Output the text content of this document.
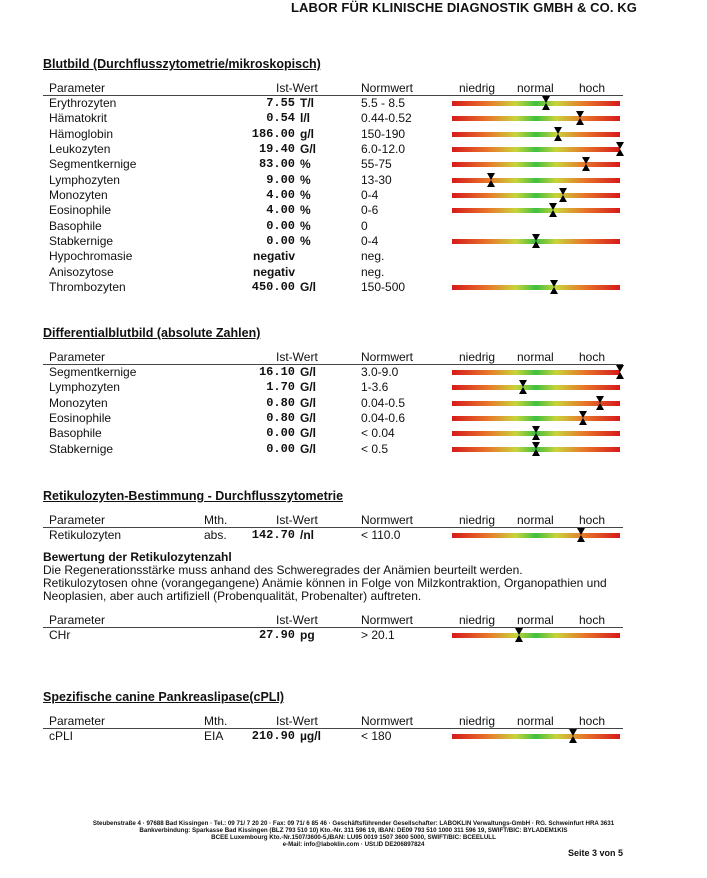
LABOR FÜR KLINISCHE DIAGNOSTIK GMBH & CO. KG
Blutbild (Durchflusszytometrie/mikroskopisch)
Parameter	Ist-Wert	Normwert	niedrig normal hoch
Erythrozyten	7.55 T/l	5.5 - 8.5
Hämatokrit	0.54 l/l	0.44-0.52
Hämoglobin	186.00 g/l	150-190
Leukozyten	19.40 G/l	6.0-12.0
Segmentkernige	83.00 %	55-75
Lymphozyten	9.00 %	13-30
Monozyten	4.00 %	0-4
Eosinophile	4.00 %	0-6
Basophile	0.00 %	0
Stabkernige	0.00 %	0-4
Hypochromasie	negativ	neg.
Anisozytose	negativ	neg.
Thrombozyten	450.00 G/l	150-500
Differentialblutbild (absolute Zahlen)
Parameter	Ist-Wert	Normwert	niedrig normal hoch
Segmentkernige	16.10 G/l	3.0-9.0
Lymphozyten	1.70 G/l	1-3.6
Monozyten	0.80 G/l	0.04-0.5
Eosinophile	0.80 G/l	0.04-0.6
Basophile	0.00 G/l	< 0.04
Stabkernige	0.00 G/l	< 0.5
Retikulozyten-Bestimmung - Durchflusszytometrie
Parameter	Mth.	Ist-Wert	Normwert	niedrig normal hoch
Retikulozyten	abs. 142.70 /nl	< 110.0
Bewertung der Retikulozytenzahl
Die Regenerationsstärke muss anhand des Schweregrades der Anämien beurteilt werden.
Retikulozytosen ohne (vorangegangene) Anämie können in Folge von Milzkontraktion, Organopathien und
Neoplasien, aber auch artifiziell (Probenqualität, Probenalter) auftreten.
Parameter	Ist-Wert	Normwert	niedrig normal hoch
CHr	27.90 pg	> 20.1
Spezifische canine Pankreaslipase(cPLI)
Parameter	Mth.	Ist-Wert	Normwert	niedrig normal hoch
cPLI	EIA 210.90 µg/l	< 180
Steubenstraße 4 · 97688 Bad Kissingen · Tel.: 09 71/ 7 20 20 · Fax: 09 71/ 6 85 46 · Geschäftsführender Gesellschafter: LABOKLIN Verwaltungs-GmbH · RG. Schweinfurt HRA 3631
Bankverbindung: Sparkasse Bad Kissingen (BLZ 793 510 10) Kto.-Nr. 311 596 19, IBAN: DE09 793 510 1000 311 596 19, SWIFT/BIC: BYLADEM1KIS
BCEE Luxembourg Kto.-Nr.1507/3600-5,IBAN: LU95 0019 1507 3600 5000, SWIFT/BIC: BCEELULL
e-Mail: info@laboklin.com · USt.ID DE206897824
Seite 3 von 5
